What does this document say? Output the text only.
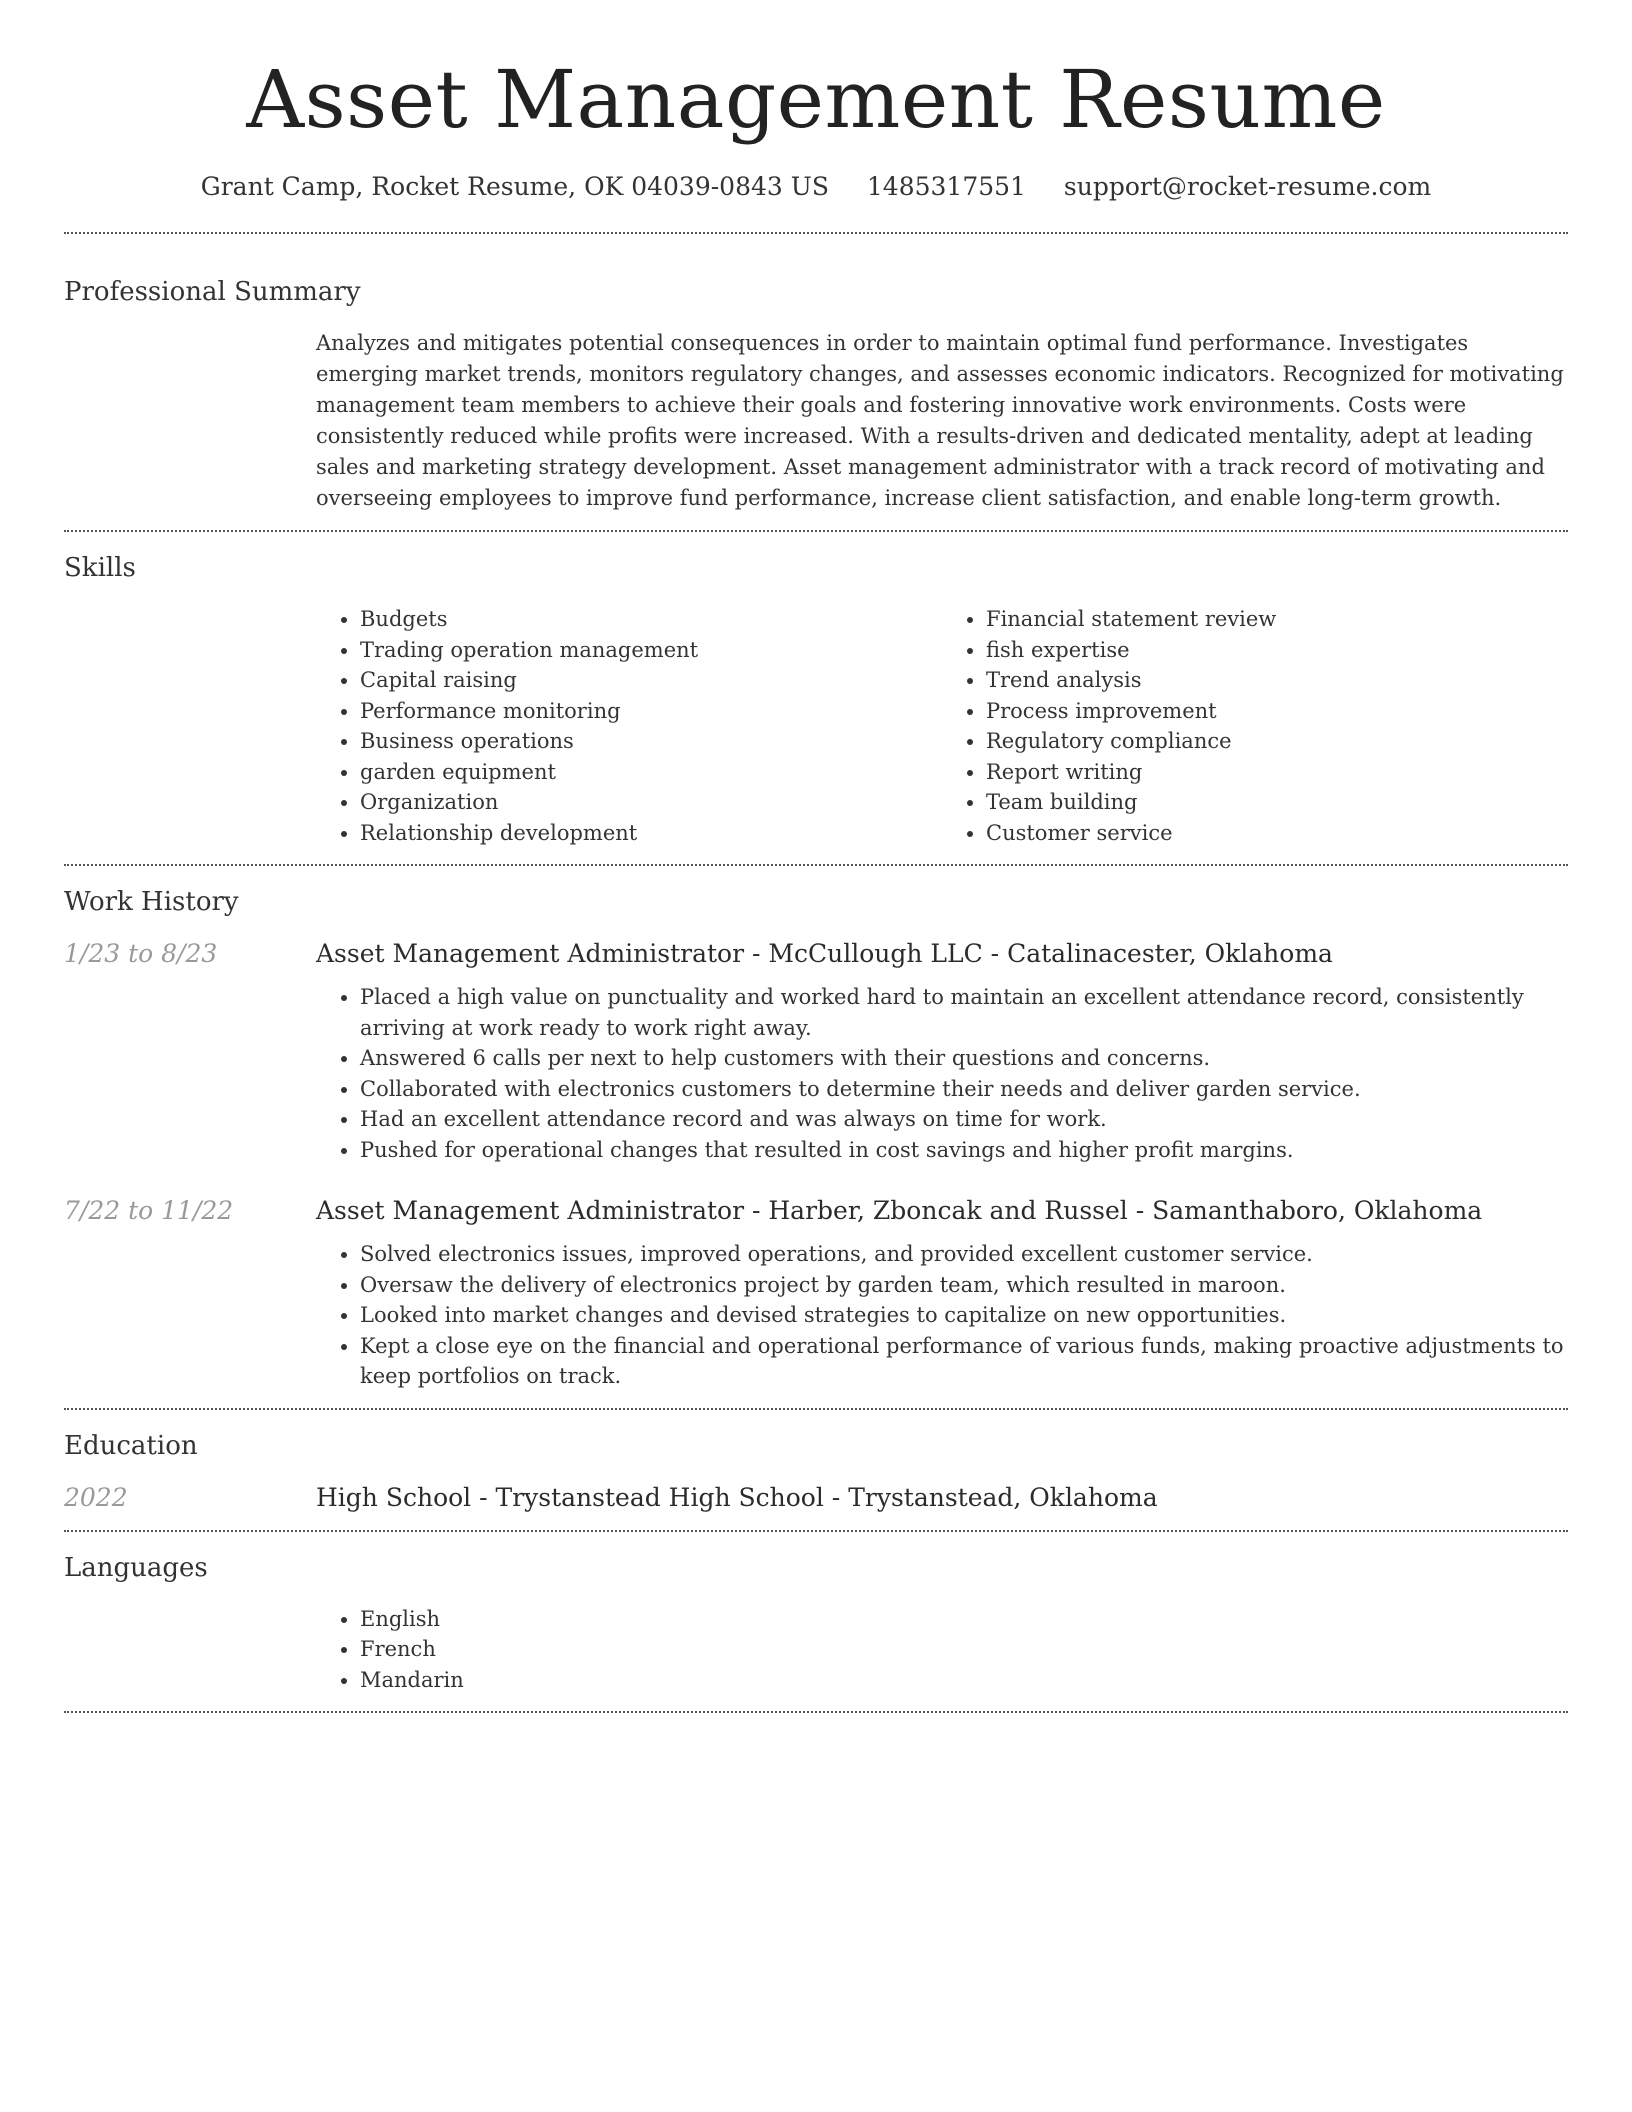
Asset Management Resume
Grant Camp, Rocket Resume, OK 04039-0843 US 1485317551 support@rocket-resume.com
Professional Summary

Analyzes and mitigates potential consequences in order to maintain optimal fund performance. Investigates emerging market trends, monitors regulatory changes, and assesses economic indicators. Recognized for motivating management team members to achieve their goals and fostering innovative work environments. Costs were consistently reduced while profits were increased. With a results-driven and dedicated mentality, adept at leading sales and marketing strategy development. Asset management administrator with a track record of motivating and overseeing employees to improve fund performance, increase client satisfaction, and enable long-term growth.

Skills
• Budgets
• Trading operation management
• Capital raising
• Performance monitoring
• Business operations
• garden equipment
• Organization
• Relationship development
• Financial statement review
• fish expertise
• Trend analysis
• Process improvement
• Regulatory compliance
• Report writing
• Team building
• Customer service
Work History
1/23 to 8/23	Asset Management Administrator - McCullough LLC - Catalinacester, Oklahoma
• Placed a high value on punctuality and worked hard to maintain an excellent attendance record, consistently arriving at work ready to work right away.
• Answered 6 calls per next to help customers with their questions and concerns.
• Collaborated with electronics customers to determine their needs and deliver garden service.
• Had an excellent attendance record and was always on time for work.
• Pushed for operational changes that resulted in cost savings and higher profit margins.
7/22 to 11/22	Asset Management Administrator - Harber, Zboncak and Russel - Samanthaboro, Oklahoma
• Solved electronics issues, improved operations, and provided excellent customer service.
• Oversaw the delivery of electronics project by garden team, which resulted in maroon.
• Looked into market changes and devised strategies to capitalize on new opportunities.
• Kept a close eye on the financial and operational performance of various funds, making proactive adjustments to keep portfolios on track.
Education
2022	High School - Trystanstead High School - Trystanstead, Oklahoma
Languages
• English
• French
• Mandarin
